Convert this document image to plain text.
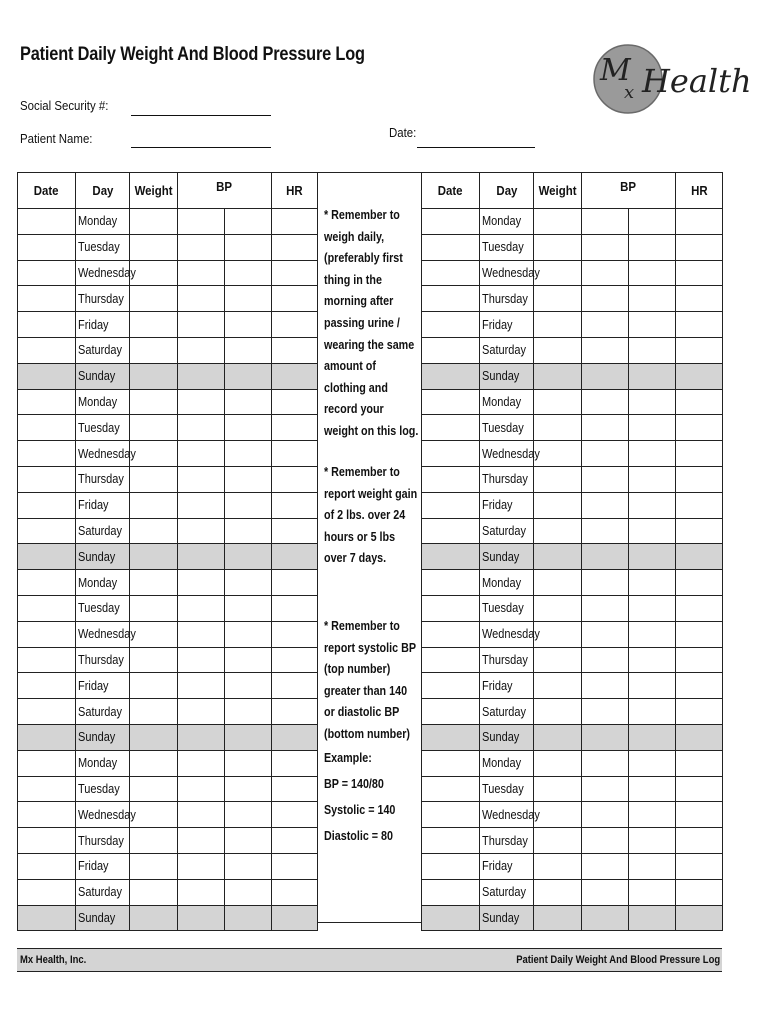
Patient Daily Weight And Blood Pressure Log	M
x Health
Social Security #:
Patient Name:	Date:
Date	Day	Weight	BP		HR
	Monday				
	Tuesday				
	Wednesday				
	Thursday				
	Friday				
	Saturday				
	Sunday				
	Monday				
	Tuesday				
	Wednesday				
	Thursday				
	Friday				
	Saturday				
	Sunday				
	Monday				
	Tuesday				
	Wednesday				
	Thursday				
	Friday				
	Saturday				
	Sunday				
	Monday				
	Tuesday				
	Wednesday				
	Thursday				
	Friday				
	Saturday				
	Sunday				
Date	Day	Weight	BP		HR
	Monday				
	Tuesday				
	Wednesday				
	Thursday				
	Friday				
	Saturday				
	Sunday				
	Monday				
	Tuesday				
	Wednesday				
	Thursday				
	Friday				
	Saturday				
	Sunday				
	Monday				
	Tuesday				
	Wednesday				
	Thursday				
	Friday				
	Saturday				
	Sunday				
	Monday				
	Tuesday				
	Wednesday				
	Thursday				
	Friday				
	Saturday				
	Sunday				
* Remember to weigh daily, (preferably first thing in the morning after passing urine / wearing the same amount of clothing and record your weight on this log.
* Remember to report weight gain of 2 lbs. over 24 hours or 5 lbs over 7 days.
* Remember to report systolic BP (top number) greater than 140 or diastolic BP (bottom number)
Example:
BP = 140/80
Systolic = 140
Diastolic = 80
Mx Health, Inc.	Patient Daily Weight And Blood Pressure Log
